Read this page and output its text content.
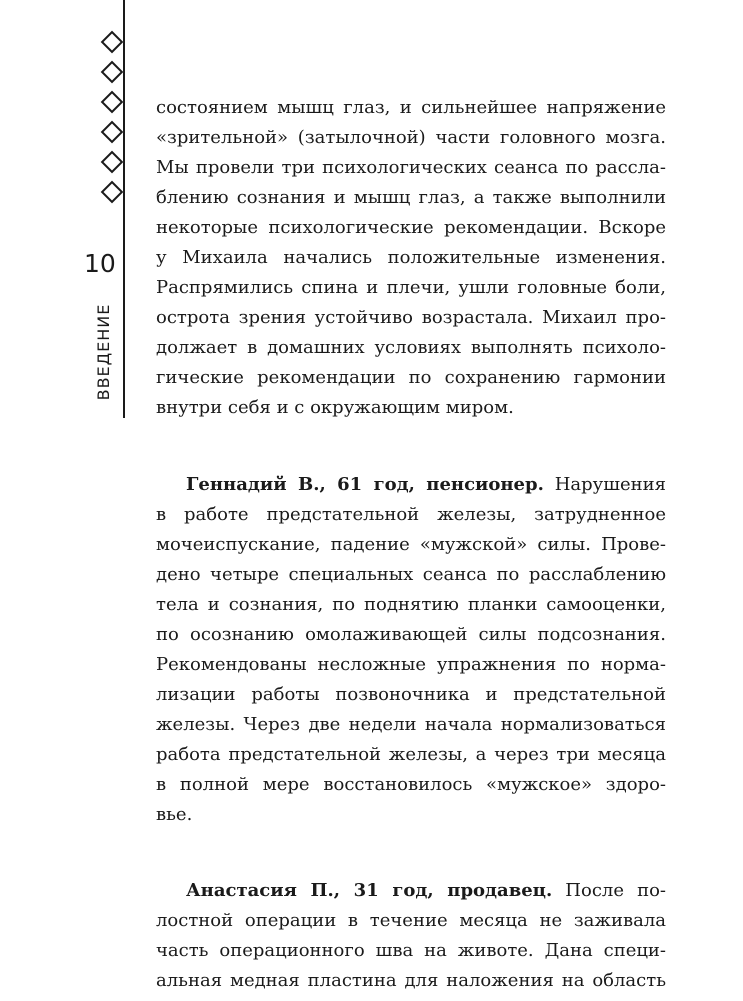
10
ВВЕДЕНИЕ

состоянием мышц глаз, и сильнейшее напряжение
«зрительной» (затылочной) части головного мозга.
Мы провели три психологических сеанса по рассла-
блению сознания и мышц глаз, а также выполнили
некоторые психологические рекомендации. Вскоре
у Михаила начались положительные изменения.
Распрямились спина и плечи, ушли головные боли,
острота зрения устойчиво возрастала. Михаил про-
должает в домашних условиях выполнять психоло-
гические рекомендации по сохранению гармонии
внутри себя и с окружающим миром.

Геннадий В., 61 год, пенсионер. Нарушения
в работе предстательной железы, затрудненное
мочеиспускание, падение «мужской» силы. Прове-
дено четыре специальных сеанса по расслаблению
тела и сознания, по поднятию планки самооценки,
по осознанию омолаживающей силы подсознания.
Рекомендованы несложные упражнения по норма-
лизации работы позвоночника и предстательной
железы. Через две недели начала нормализоваться
работа предстательной железы, а через три месяца
в полной мере восстановилось «мужское» здоро-
вье.

Анастасия П., 31 год, продавец. После по-
лостной операции в течение месяца не заживала
часть операционного шва на животе. Дана специ-
альная медная пластина для наложения на область
